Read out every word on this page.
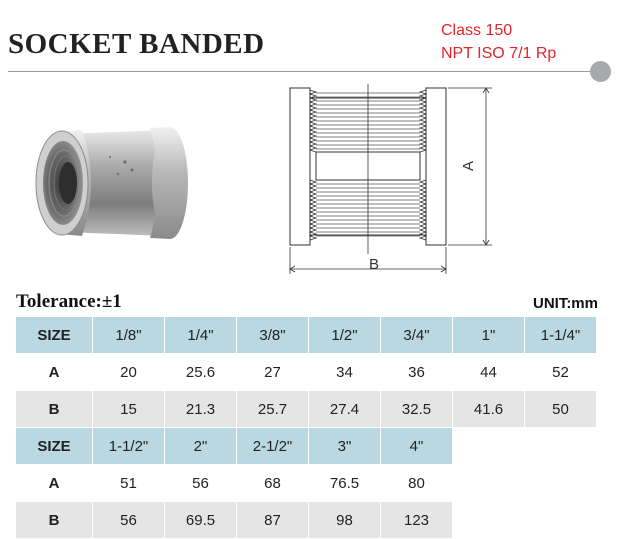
SOCKET BANDED	Class 150
NPT ISO 7/1 Rp
A
B
Tolerance:±1	UNIT:mm
SIZE	1/8"	1/4"	3/8"	1/2"	3/4"	1"	1-1/4"
A	20	25.6	27	34	36	44	52
B	15	21.3	25.7	27.4	32.5	41.6	50
SIZE	1-1/2"	2"	2-1/2"	3"	4"		
A	51	56	68	76.5	80		
B	56	69.5	87	98	123		
